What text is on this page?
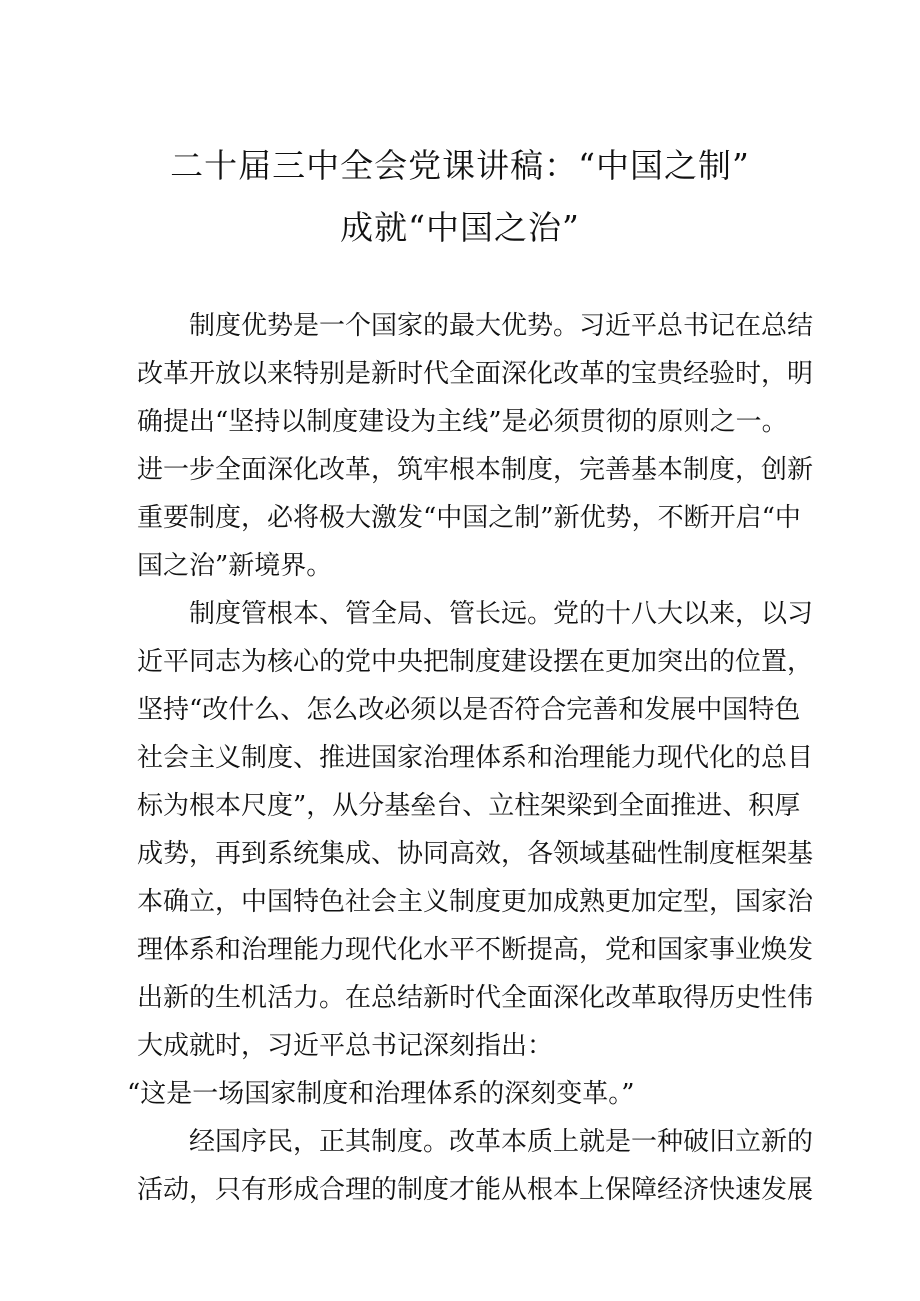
二十届三中全会党课讲稿：“中国之制”
成就“中国之治”
制度优势是一个国家的最大优势。习近平总书记在总结
改革开放以来特别是新时代全面深化改革的宝贵经验时，明
确提出“坚持以制度建设为主线”是必须贯彻的原则之一。
进一步全面深化改革，筑牢根本制度，完善基本制度，创新
重要制度，必将极大激发“中国之制”新优势，不断开启“中
国之治”新境界。
制度管根本、管全局、管长远。党的十八大以来，以习
近平同志为核心的党中央把制度建设摆在更加突出的位置，
坚持“改什么、怎么改必须以是否符合完善和发展中国特色
社会主义制度、推进国家治理体系和治理能力现代化的总目
标为根本尺度”，从分基垒台、立柱架梁到全面推进、积厚
成势，再到系统集成、协同高效，各领域基础性制度框架基
本确立，中国特色社会主义制度更加成熟更加定型，国家治
理体系和治理能力现代化水平不断提高，党和国家事业焕发
出新的生机活力。在总结新时代全面深化改革取得历史性伟
大成就时，习近平总书记深刻指出：
“这是一场国家制度和治理体系的深刻变革。”
经国序民，正其制度。改革本质上就是一种破旧立新的
活动，只有形成合理的制度才能从根本上保障经济快速发展
